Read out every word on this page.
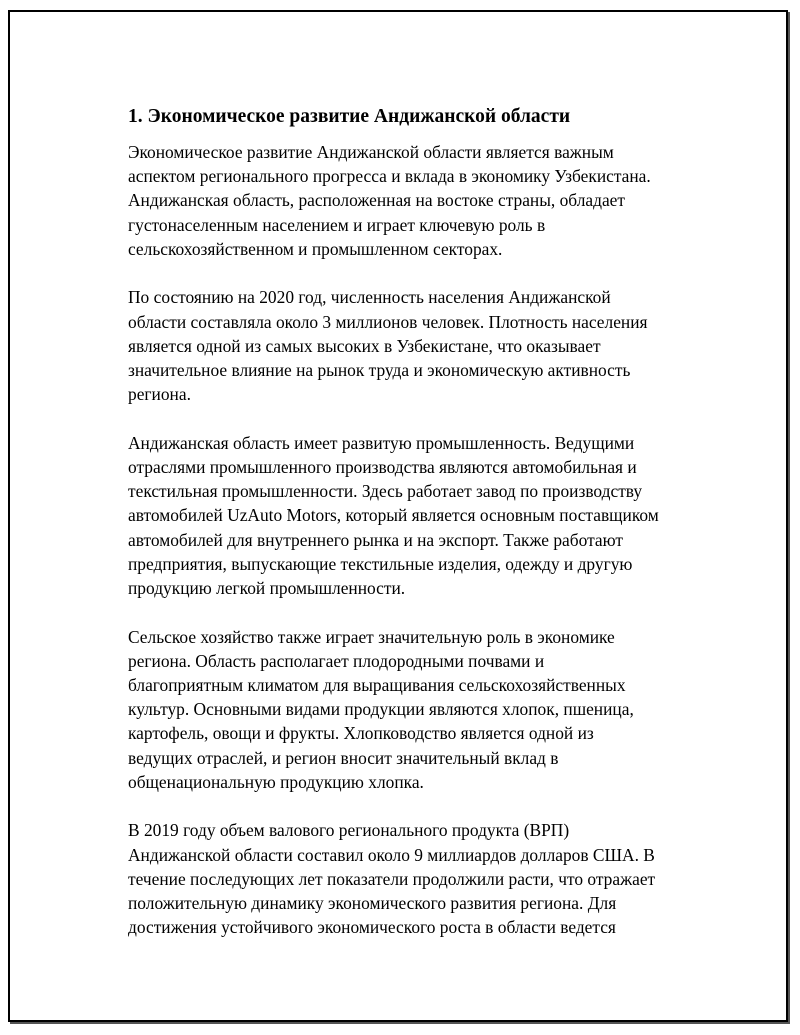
1. Экономическое развитие Андижанской области

Экономическое развитие Андижанской области является важным
аспектом регионального прогресса и вклада в экономику Узбекистана.
Андижанская область, расположенная на востоке страны, обладает
густонаселенным населением и играет ключевую роль в
сельскохозяйственном и промышленном секторах.

По состоянию на 2020 год, численность населения Андижанской
области составляла около 3 миллионов человек. Плотность населения
является одной из самых высоких в Узбекистане, что оказывает
значительное влияние на рынок труда и экономическую активность
региона.

Андижанская область имеет развитую промышленность. Ведущими
отраслями промышленного производства являются автомобильная и
текстильная промышленности. Здесь работает завод по производству
автомобилей UzAuto Motors, который является основным поставщиком
автомобилей для внутреннего рынка и на экспорт. Также работают
предприятия, выпускающие текстильные изделия, одежду и другую
продукцию легкой промышленности.

Сельское хозяйство также играет значительную роль в экономике
региона. Область располагает плодородными почвами и
благоприятным климатом для выращивания сельскохозяйственных
культур. Основными видами продукции являются хлопок, пшеница,
картофель, овощи и фрукты. Хлопководство является одной из
ведущих отраслей, и регион вносит значительный вклад в
общенациональную продукцию хлопка.

В 2019 году объем валового регионального продукта (ВРП)
Андижанской области составил около 9 миллиардов долларов США. В
течение последующих лет показатели продолжили расти, что отражает
положительную динамику экономического развития региона. Для
достижения устойчивого экономического роста в области ведется
